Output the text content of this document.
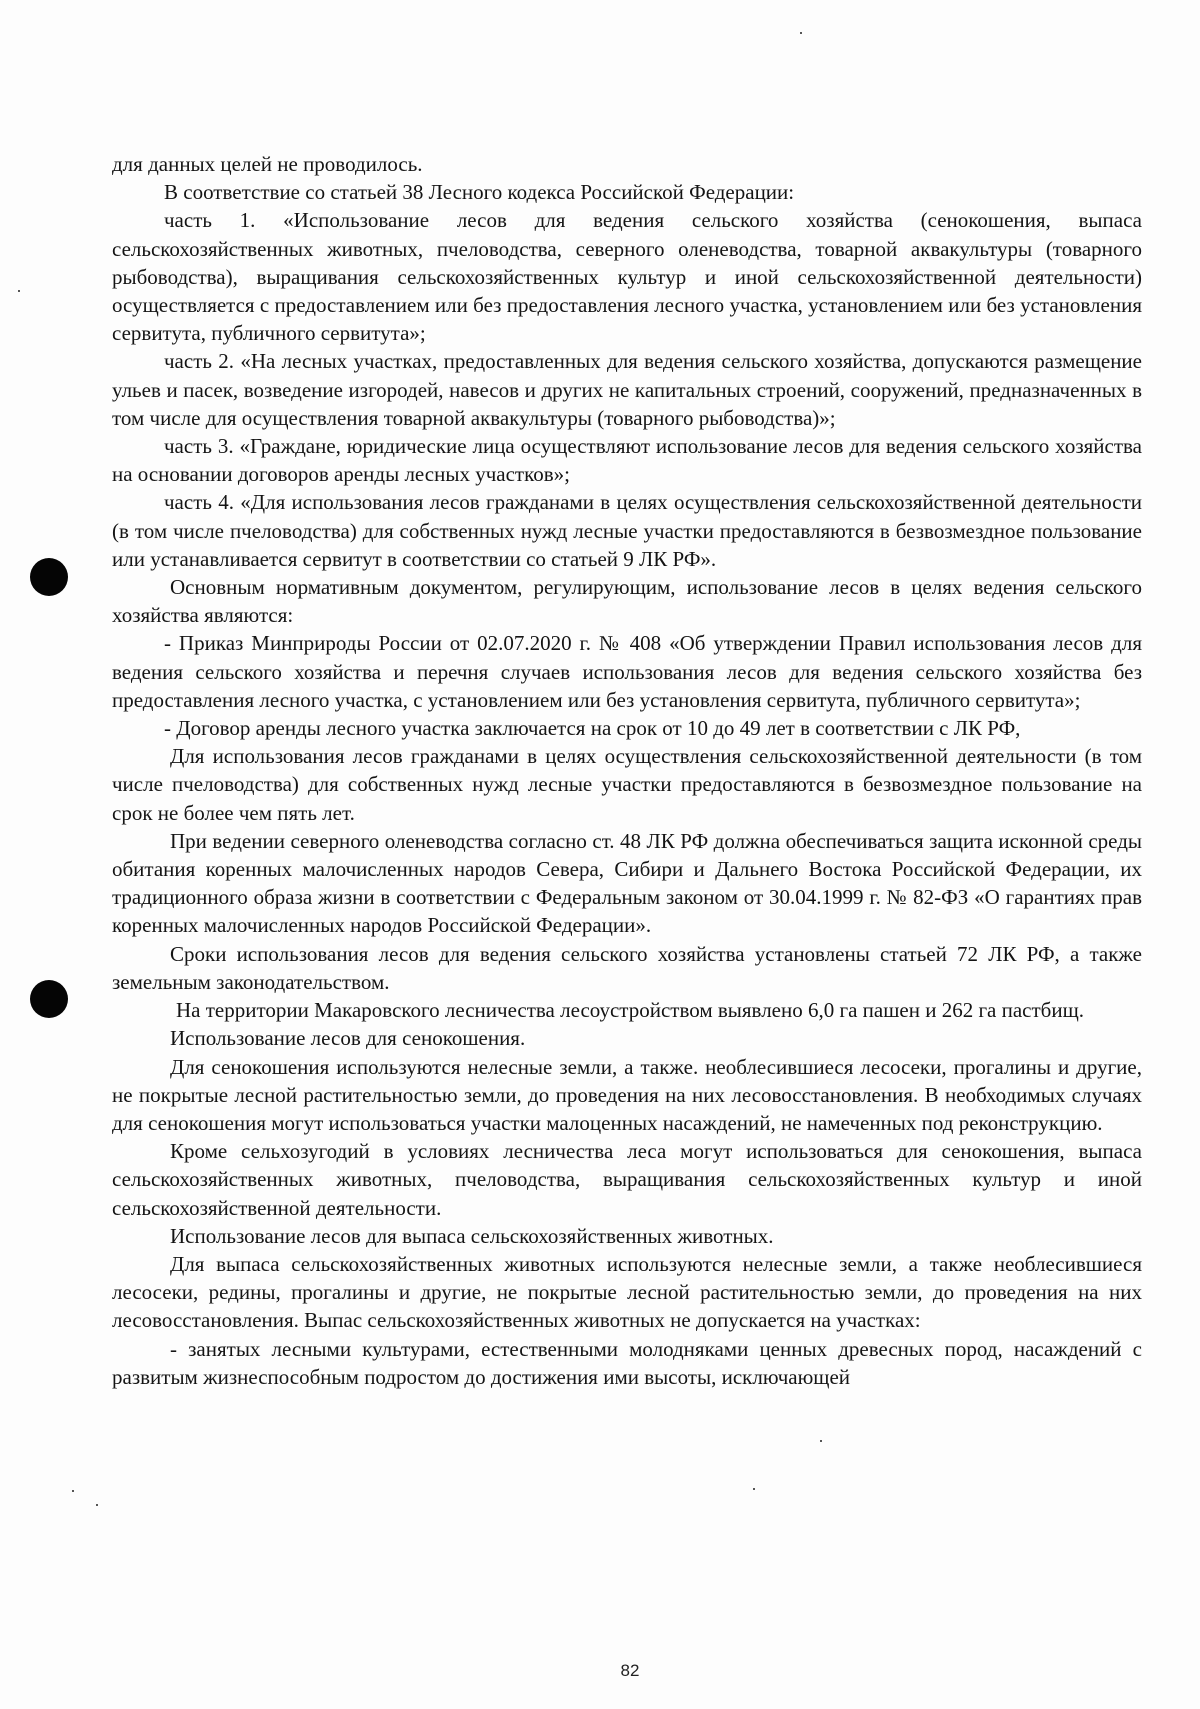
для данных целей не проводилось.

В соответствие со статьей 38 Лесного кодекса Российской Федерации:

часть 1. «Использование лесов для ведения сельского хозяйства (сенокошения, выпаса сельскохозяйственных животных, пчеловодства, северного оленеводства, товарной аквакультуры (товарного рыбоводства), выращивания сельскохозяйственных культур и иной сельскохозяйственной деятельности) осуществляется с предоставлением или без предоставления лесного участка, установлением или без установления сервитута, публичного сервитута»;

часть 2. «На лесных участках, предоставленных для ведения сельского хозяйства, допускаются размещение ульев и пасек, возведение изгородей, навесов и других не капитальных строений, сооружений, предназначенных в том числе для осуществления товарной аквакультуры (товарного рыбоводства)»;

часть 3. «Граждане, юридические лица осуществляют использование лесов для ведения сельского хозяйства на основании договоров аренды лесных участков»;

часть 4. «Для использования лесов гражданами в целях осуществления сельскохозяйственной деятельности (в том числе пчеловодства) для собственных нужд лесные участки предоставляются в безвозмездное пользование или устанавливается сервитут в соответствии со статьей 9 ЛК РФ».

Основным нормативным документом, регулирующим, использование лесов в целях ведения сельского хозяйства являются:

- Приказ Минприроды России от 02.07.2020 г. № 408 «Об утверждении Правил использования лесов для ведения сельского хозяйства и перечня случаев использования лесов для ведения сельского хозяйства без предоставления лесного участка, с установлением или без установления сервитута, публичного сервитута»;

- Договор аренды лесного участка заключается на срок от 10 до 49 лет в соответствии с ЛК РФ,

Для использования лесов гражданами в целях осуществления сельскохозяйственной деятельности (в том числе пчеловодства) для собственных нужд лесные участки предоставляются в безвозмездное пользование на срок не более чем пять лет.

При ведении северного оленеводства согласно ст. 48 ЛК РФ должна обеспечиваться защита исконной среды обитания коренных малочисленных народов Севера, Сибири и Дальнего Востока Российской Федерации, их традиционного образа жизни в соответствии с Федеральным законом от 30.04.1999 г. № 82-ФЗ «О гарантиях прав коренных малочисленных народов Российской Федерации».

Сроки использования лесов для ведения сельского хозяйства установлены статьей 72 ЛК РФ, а также земельным законодательством.

На территории Макаровского лесничества лесоустройством выявлено 6,0 га пашен и 262 га пастбищ.

Использование лесов для сенокошения.

Для сенокошения используются нелесные земли, а также. необлесившиеся лесосеки, прогалины и другие, не покрытые лесной растительностью земли, до проведения на них лесовосстановления. В необходимых случаях для сенокошения могут использоваться участки малоценных насаждений, не намеченных под реконструкцию.

Кроме сельхозугодий в условиях лесничества леса могут использоваться для сенокошения, выпаса сельскохозяйственных животных, пчеловодства, выращивания сельскохозяйственных культур и иной сельскохозяйственной деятельности.

Использование лесов для выпаса сельскохозяйственных животных.

Для выпаса сельскохозяйственных животных используются нелесные земли, а также необлесившиеся лесосеки, редины, прогалины и другие, не покрытые лесной растительностью земли, до проведения на них лесовосстановления. Выпас сельскохозяйственных животных не допускается на участках:

- занятых лесными культурами, естественными молодняками ценных древесных пород, насаждений с развитым жизнеспособным подростом до достижения ими высоты, исключающей

82
